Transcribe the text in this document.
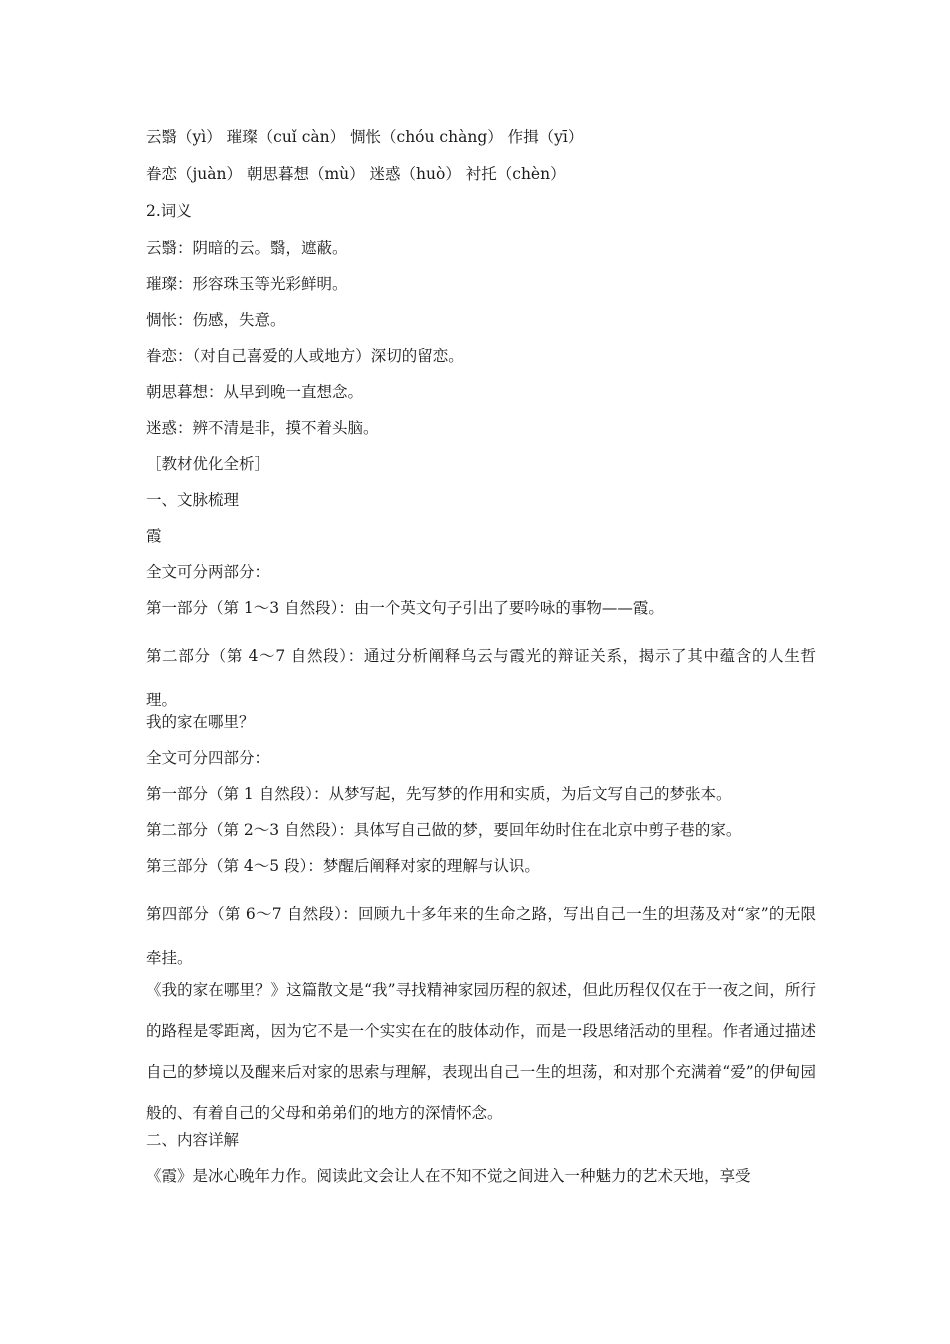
云翳（yì） 璀璨（cuǐ càn） 惆怅（chóu chàng） 作揖（yī）
眷恋（juàn） 朝思暮想（mù） 迷惑（huò） 衬托（chèn）
2.词义
云翳：阴暗的云。翳，遮蔽。
璀璨：形容珠玉等光彩鲜明。
惆怅：伤感，失意。
眷恋：（对自己喜爱的人或地方）深切的留恋。
朝思暮想：从早到晚一直想念。
迷惑：辨不清是非，摸不着头脑。
［教材优化全析］
一、文脉梳理
霞
全文可分两部分：
第一部分（第 1～3 自然段）：由一个英文句子引出了要吟咏的事物——霞。
第二部分（第 4～7 自然段）：通过分析阐释乌云与霞光的辩证关系，揭示了其中蕴含的人生哲理。
我的家在哪里？
全文可分四部分：
第一部分（第 1 自然段）：从梦写起，先写梦的作用和实质，为后文写自己的梦张本。
第二部分（第 2～3 自然段）：具体写自己做的梦，要回年幼时住在北京中剪子巷的家。
第三部分（第 4～5 段）：梦醒后阐释对家的理解与认识。
第四部分（第 6～7 自然段）：回顾九十多年来的生命之路，写出自己一生的坦荡及对“家”的无限牵挂。
《我的家在哪里？》这篇散文是“我”寻找精神家园历程的叙述，但此历程仅仅在于一夜之间，所行的路程是零距离，因为它不是一个实实在在的肢体动作，而是一段思绪活动的里程。作者通过描述自己的梦境以及醒来后对家的思索与理解，表现出自己一生的坦荡，和对那个充满着“爱”的伊甸园般的、有着自己的父母和弟弟们的地方的深情怀念。
二、内容详解
《霞》是冰心晚年力作。阅读此文会让人在不知不觉之间进入一种魅力的艺术天地，享受
